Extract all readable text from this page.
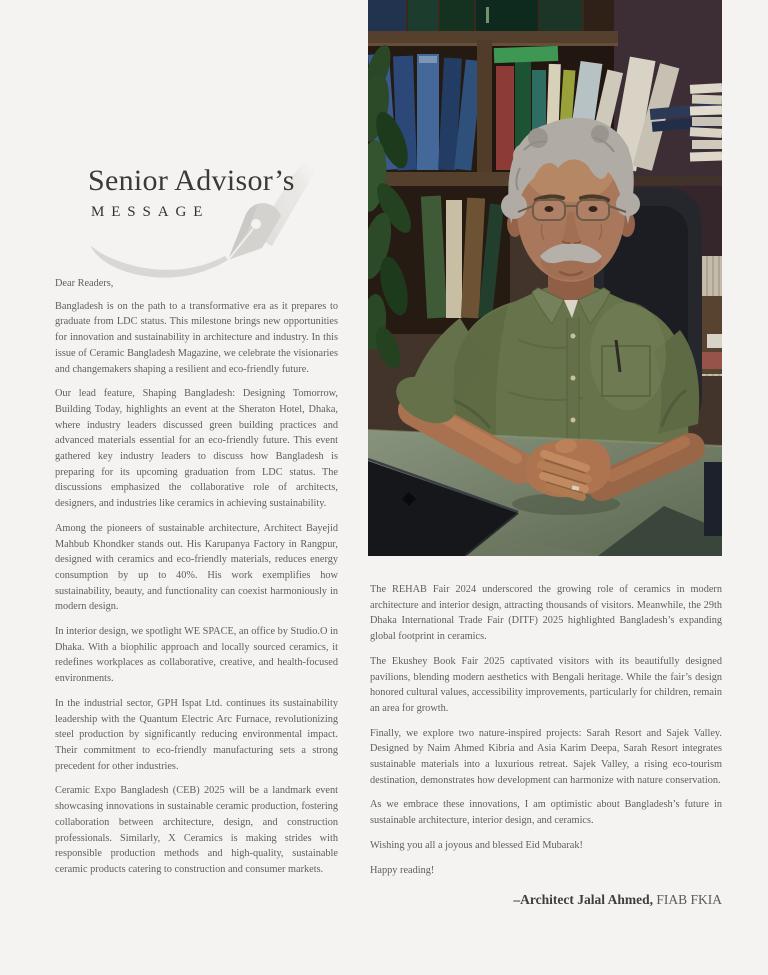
Senior Advisor’s
MESSAGE

Dear Readers,

Bangladesh is on the path to a transformative era as it prepares to graduate from LDC status. This milestone brings new opportunities for innovation and sustainability in architecture and industry. In this issue of Ceramic Bangladesh Magazine, we celebrate the visionaries and changemakers shaping a resilient and eco-friendly future.

Our lead feature, Shaping Bangladesh: Designing Tomorrow, Building Today, highlights an event at the Sheraton Hotel, Dhaka, where industry leaders discussed green building practices and advanced materials essential for an eco-friendly future. This event gathered key industry leaders to discuss how Bangladesh is preparing for its upcoming graduation from LDC status. The discussions emphasized the collaborative role of architects, designers, and industries like ceramics in achieving sustainability.

Among the pioneers of sustainable architecture, Architect Bayejid Mahbub Khondker stands out. His Karupanya Factory in Rangpur, designed with ceramics and eco-friendly materials, reduces energy consumption by up to 40%. His work exemplifies how sustainability, beauty, and functionality can coexist harmoniously in modern design.

In interior design, we spotlight WE SPACE, an office by Studio.O in Dhaka. With a biophilic approach and locally sourced ceramics, it redefines workplaces as collaborative, creative, and health-focused environments.

In the industrial sector, GPH Ispat Ltd. continues its sustainability leadership with the Quantum Electric Arc Furnace, revolutionizing steel production by significantly reducing environmental impact. Their commitment to eco-friendly manufacturing sets a strong precedent for other industries.

Ceramic Expo Bangladesh (CEB) 2025 will be a landmark event showcasing innovations in sustainable ceramic production, fostering collaboration between architecture, design, and construction professionals. Similarly, X Ceramics is making strides with responsible production methods and high-quality, sustainable ceramic products catering to construction and consumer markets.

The REHAB Fair 2024 underscored the growing role of ceramics in modern architecture and interior design, attracting thousands of visitors. Meanwhile, the 29th Dhaka International Trade Fair (DITF) 2025 highlighted Bangladesh’s expanding global footprint in ceramics.

The Ekushey Book Fair 2025 captivated visitors with its beautifully designed pavilions, blending modern aesthetics with Bengali heritage. While the fair’s design honored cultural values, accessibility improvements, particularly for children, remain an area for growth.

Finally, we explore two nature-inspired projects: Sarah Resort and Sajek Valley. Designed by Naim Ahmed Kibria and Asia Karim Deepa, Sarah Resort integrates sustainable materials into a luxurious retreat. Sajek Valley, a rising eco-tourism destination, demonstrates how development can harmonize with nature conservation.

As we embrace these innovations, I am optimistic about Bangladesh’s future in sustainable architecture, interior design, and ceramics.

Wishing you all a joyous and blessed Eid Mubarak!

Happy reading!

–Architect Jalal Ahmed, FIAB FKIA
